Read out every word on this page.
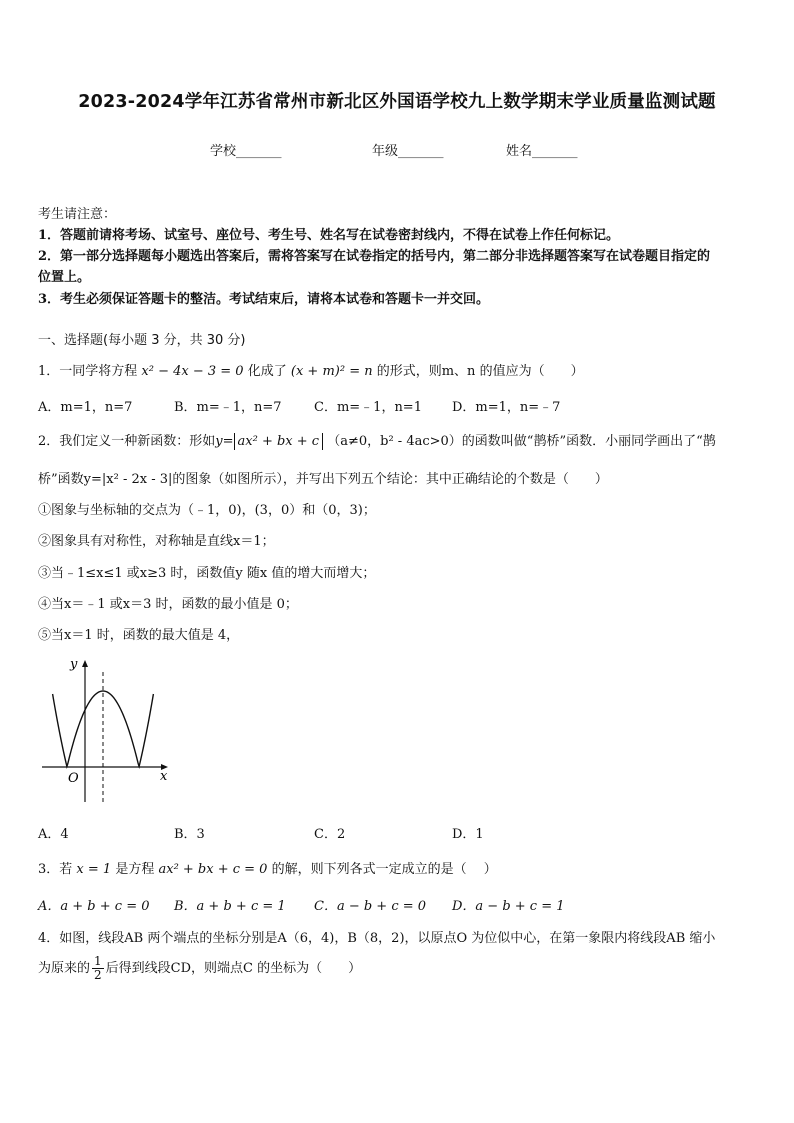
2023-2024学年江苏省常州市新北区外国语学校九上数学期末学业质量监测试题
学校_______	年级_______	姓名_______
考生请注意：
1．答题前请将考场、试室号、座位号、考生号、姓名写在试卷密封线内，不得在试卷上作任何标记。
2．第一部分选择题每小题选出答案后，需将答案写在试卷指定的括号内，第二部分非选择题答案写在试卷题目指定的
位置上。
3．考生必须保证答题卡的整洁。考试结束后，请将本试卷和答题卡一并交回。
一、选择题(每小题 3 分，共 30 分)
1．一同学将方程 x² − 4x − 3 = 0 化成了 (x + m)² = n 的形式，则m、n 的值应为（　　）
A．m=1，n=7	B．m=﹣1，n=7 C．m=﹣1，n=1 D．m=1，n=﹣7
2．我们定义一种新函数：形如y= ax² + bx + c （a≠0，b² - 4ac>0）的函数叫做“鹊桥”函数．小丽同学画出了“鹊
桥”函数y=|x² - 2x - 3|的图象（如图所示），并写出下列五个结论：其中正确结论的个数是（　　）
①图象与坐标轴的交点为（﹣1，0)，(3，0）和（0，3)；
②图象具有对称性，对称轴是直线x＝1；
③当﹣1≤x≤1 或x≥3 时，函数值y 随x 值的增大而增大；
④当x＝﹣1 或x＝3 时，函数的最小值是 0；
⑤当x＝1 时，函数的最大值是 4，
y
x
O
A．4	B．3	C．2	D．1
3．若 x = 1 是方程 ax² + bx + c = 0 的解，则下列各式一定成立的是（　 ）
A．a + b + c = 0 B．a + b + c = 1 C．a − b + c = 0 D．a − b + c = 1
4．如图，线段AB 两个端点的坐标分别是A（6，4)，B（8，2)，以原点O 为位似中心，在第一象限内将线段AB 缩小
为原来的 $\frac{1}{2}$ 后得到线段CD，则端点C 的坐标为（　　）
